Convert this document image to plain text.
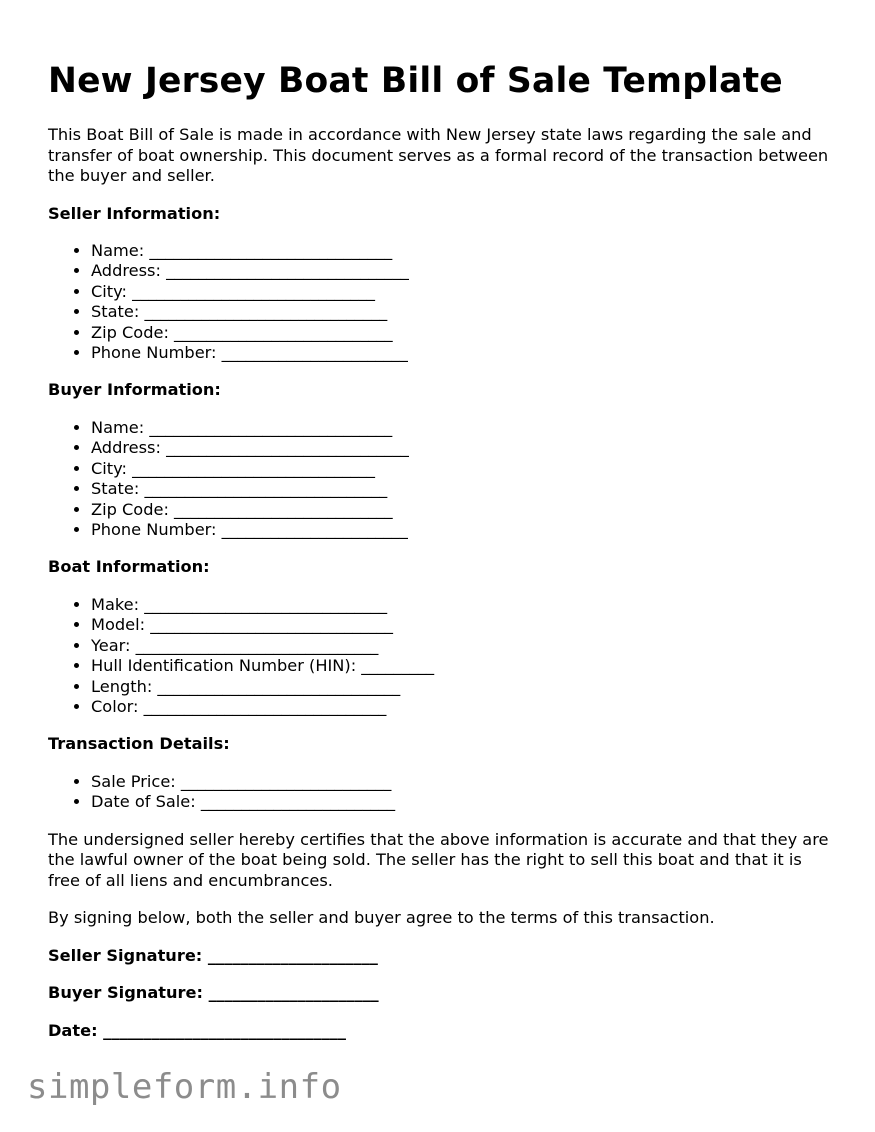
New Jersey Boat Bill of Sale Template

This Boat Bill of Sale is made in accordance with New Jersey state laws regarding the sale and transfer of boat ownership. This document serves as a formal record of the transaction between the buyer and seller.

Seller Information:
• Name: ______________________________
• Address: ______________________________
• City: ______________________________
• State: ______________________________
• Zip Code: ___________________________
• Phone Number: _______________________
Buyer Information:
• Name: ______________________________
• Address: ______________________________
• City: ______________________________
• State: ______________________________
• Zip Code: ___________________________
• Phone Number: _______________________
Boat Information:
• Make: ______________________________
• Model: ______________________________
• Year: ______________________________
• Hull Identification Number (HIN): _________
• Length: ______________________________
• Color: ______________________________
Transaction Details:
• Sale Price: __________________________
• Date of Sale: ________________________

The undersigned seller hereby certifies that the above information is accurate and that they are the lawful owner of the boat being sold. The seller has the right to sell this boat and that it is free of all liens and encumbrances.

By signing below, both the seller and buyer agree to the terms of this transaction.

Seller Signature: _____________________
Buyer Signature: _____________________
Date: ______________________________
simpleform.info
